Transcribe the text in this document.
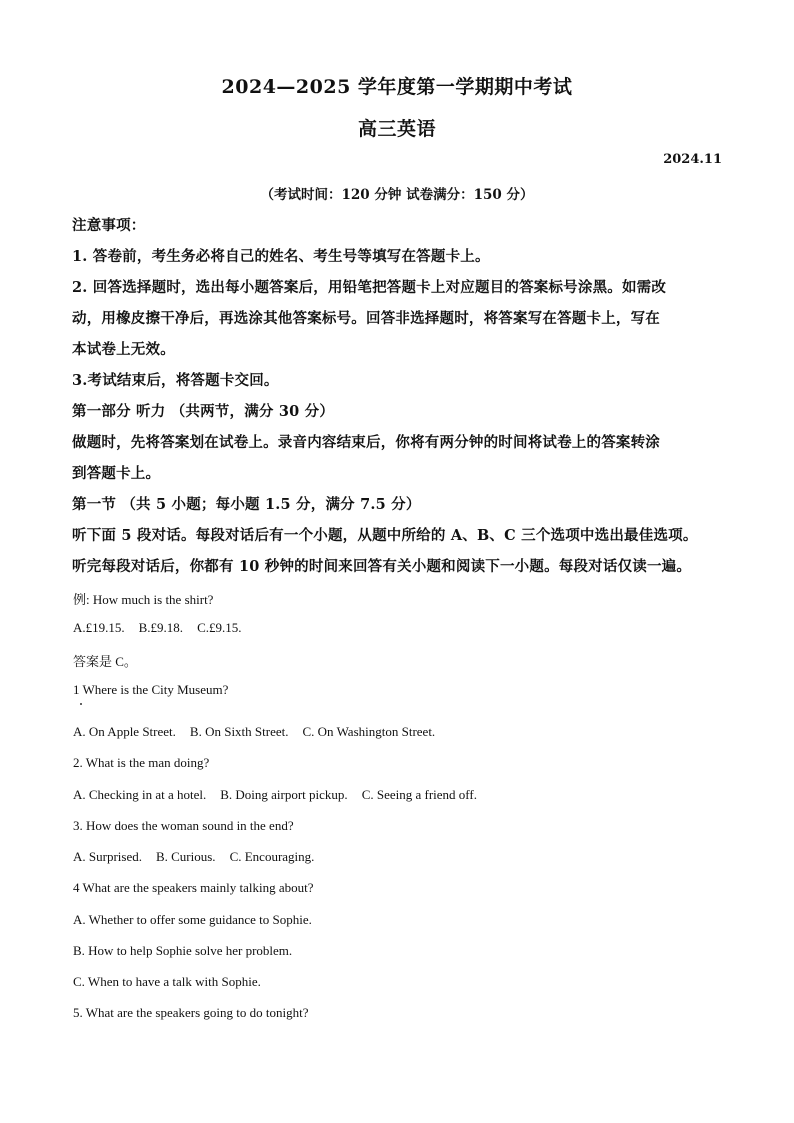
2024—2025 学年度第一学期期中考试
高三英语
2024.11
（考试时间：120 分钟 试卷满分：150 分）
注意事项：
1. 答卷前，考生务必将自己的姓名、考生号等填写在答题卡上。
2. 回答选择题时，选出每小题答案后，用铅笔把答题卡上对应题目的答案标号涂黑。如需改
动，用橡皮擦干净后，再选涂其他答案标号。回答非选择题时，将答案写在答题卡上，写在
本试卷上无效。
3.考试结束后，将答题卡交回。
第一部分 听力 （共两节，满分 30 分）
做题时，先将答案划在试卷上。录音内容结束后，你将有两分钟的时间将试卷上的答案转涂
到答题卡上。
第一节 （共 5 小题；每小题 1.5 分，满分 7.5 分）
听下面 5 段对话。每段对话后有一个小题，从题中所给的 A、B、C 三个选项中选出最佳选项。
听完每段对话后，你都有 10 秒钟的时间来回答有关小题和阅读下一小题。每段对话仅读一遍。
例: How much is the shirt?
A.£19.15. B.£9.18. C.£9.15.
答案是 C。
1 Where is the City Museum?
A. On Apple Street. B. On Sixth Street. C. On Washington Street.
2. What is the man doing?
A. Checking in at a hotel. B. Doing airport pickup. C. Seeing a friend off.
3. How does the woman sound in the end?
A. Surprised. B. Curious. C. Encouraging.
4 What are the speakers mainly talking about?
A. Whether to offer some guidance to Sophie.
B. How to help Sophie solve her problem.
C. When to have a talk with Sophie.
5. What are the speakers going to do tonight?
